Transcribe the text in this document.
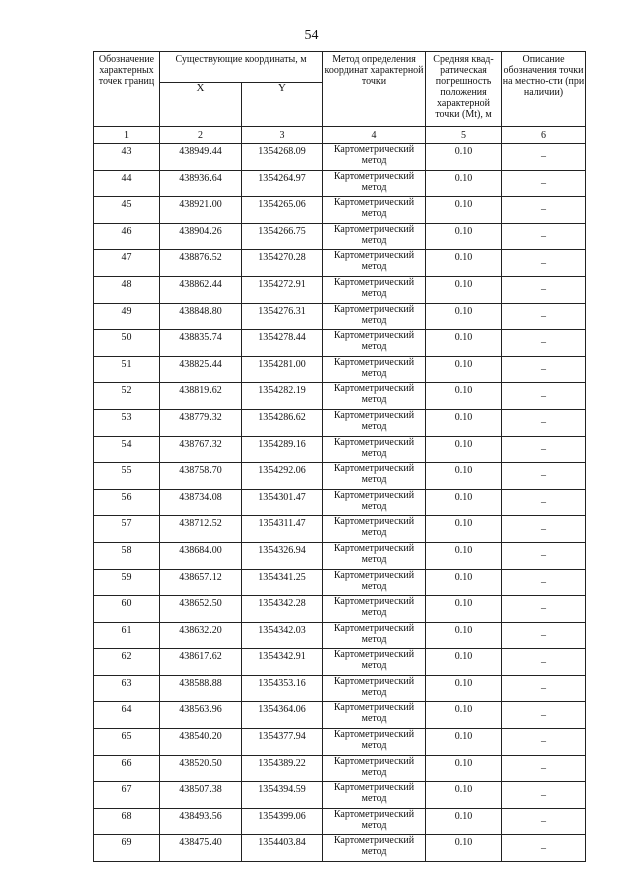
54
Обозначение характерных точек границ	Существующие координаты, м		Метод определения координат характерной точки	Средняя квад-ратическая погрешность положения характерной точки (Mt), м	Описание обозначения точки на местно-сти (при наличии)
	X	Y			
1	2	3	4	5	6
43	438949.44	1354268.09	Картометрический метод	0.10	–
44	438936.64	1354264.97	Картометрический метод	0.10	–
45	438921.00	1354265.06	Картометрический метод	0.10	–
46	438904.26	1354266.75	Картометрический метод	0.10	–
47	438876.52	1354270.28	Картометрический метод	0.10	–
48	438862.44	1354272.91	Картометрический метод	0.10	–
49	438848.80	1354276.31	Картометрический метод	0.10	–
50	438835.74	1354278.44	Картометрический метод	0.10	–
51	438825.44	1354281.00	Картометрический метод	0.10	–
52	438819.62	1354282.19	Картометрический метод	0.10	–
53	438779.32	1354286.62	Картометрический метод	0.10	–
54	438767.32	1354289.16	Картометрический метод	0.10	–
55	438758.70	1354292.06	Картометрический метод	0.10	–
56	438734.08	1354301.47	Картометрический метод	0.10	–
57	438712.52	1354311.47	Картометрический метод	0.10	–
58	438684.00	1354326.94	Картометрический метод	0.10	–
59	438657.12	1354341.25	Картометрический метод	0.10	–
60	438652.50	1354342.28	Картометрический метод	0.10	–
61	438632.20	1354342.03	Картометрический метод	0.10	–
62	438617.62	1354342.91	Картометрический метод	0.10	–
63	438588.88	1354353.16	Картометрический метод	0.10	–
64	438563.96	1354364.06	Картометрический метод	0.10	–
65	438540.20	1354377.94	Картометрический метод	0.10	–
66	438520.50	1354389.22	Картометрический метод	0.10	–
67	438507.38	1354394.59	Картометрический метод	0.10	–
68	438493.56	1354399.06	Картометрический метод	0.10	–
69	438475.40	1354403.84	Картометрический метод	0.10	–
